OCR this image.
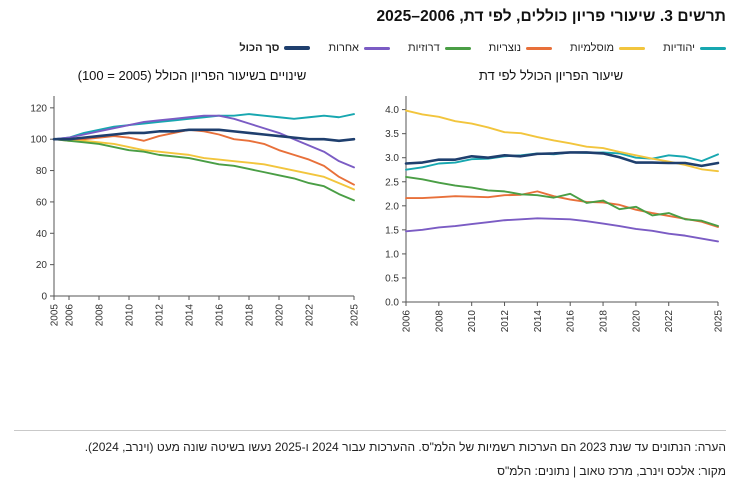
תרשים 3. שיעורי פריון כוללים, לפי דת, 2006–2025
יהודיות
מוסלמיות
נוצריות
דרוזיות
אחרות
סך הכול
שיעור הפריון הכולל לפי דת
0.0
0.5
1.0
1.5
2.0
2.5
3.0
3.5
4.0
2006 2008 2010 2012 2014 2016 2018 2020 2022	2025
שינויים בשיעור הפריון הכולל (2005 = 100)
0
20
40
60
80
100
120
2005 2006 2008 2010 2012 2014 2016 2018 2020 2022	2025
הערה: הנתונים עד שנת 2023 הם הערכות רשמיות של הלמ"ס. ההערכות עבור 2024 ו-2025 נעשו בשיטה שונה מעט (וינרב, 2024).
מקור: אלכס וינרב, מרכז טאוב | נתונים: הלמ"ס
